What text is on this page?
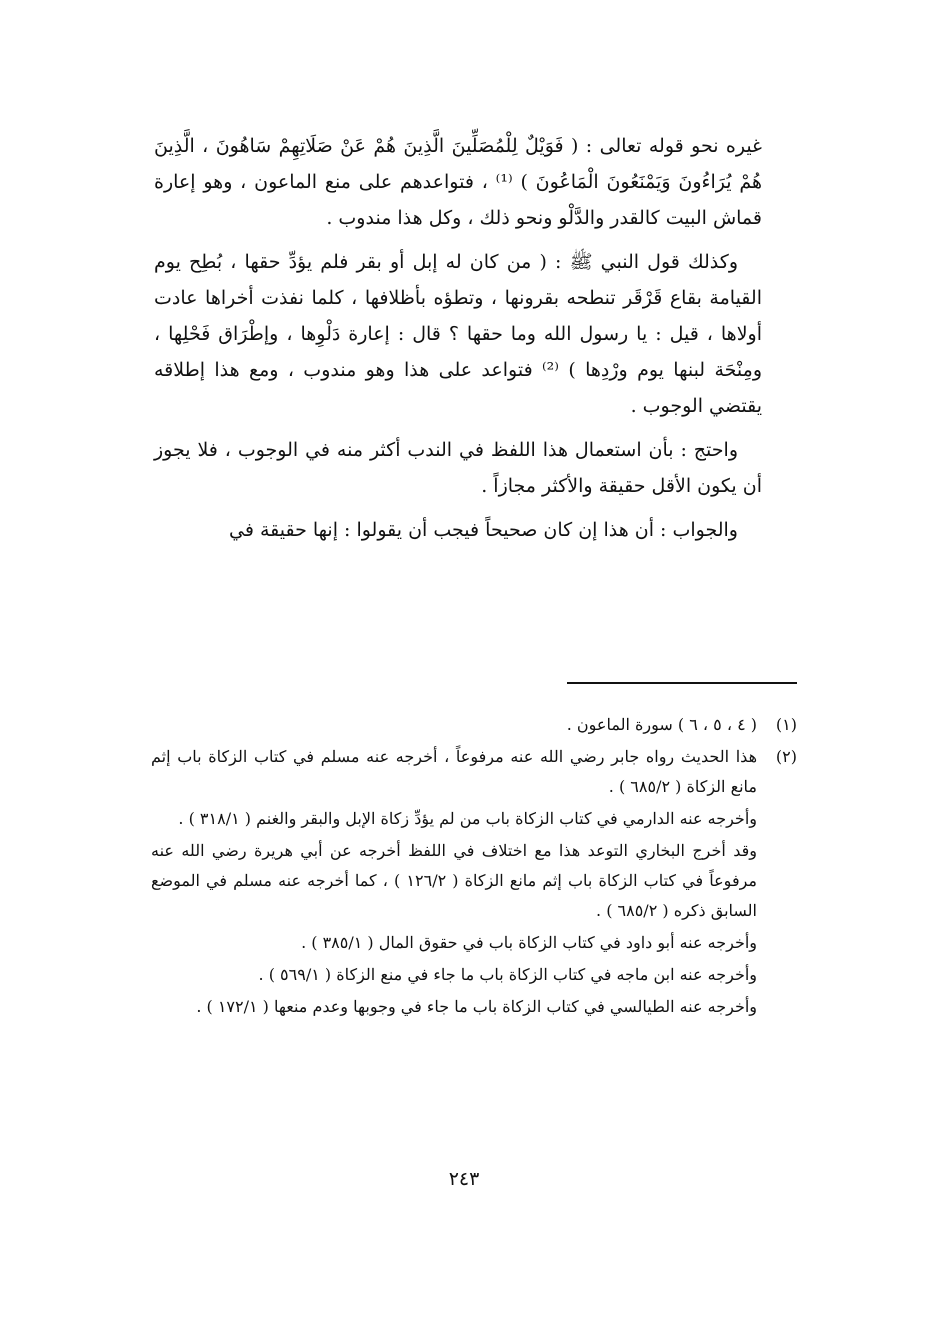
غيره نحو قوله تعالى : ( فَوَيْلٌ لِلْمُصَلِّينَ الَّذِينَ هُمْ عَنْ صَلَاتِهِمْ سَاهُونَ ، الَّذِينَ هُمْ يُرَاءُونَ وَيَمْنَعُونَ الْمَاعُونَ ) ⁽¹⁾ ، فتواعدهم على منع الماعون ، وهو إعارة قماش البيت كالقدر والدَّلْو ونحو ذلك ، وكل هذا مندوب .

وكذلك قول النبي ﷺ : ( من كان له إبل أو بقر فلم يؤدِّ حقها ، بُطِح يوم القيامة بقاع قَرْقَر تنطحه بقرونها ، وتطؤه بأظلافها ، كلما نفذت أخراها عادت أولاها ، قيل : يا رسول الله وما حقها ؟ قال : إعارة دَلْوِها ، وإطْرَاق فَحْلِها ، ومِنْحَة لبنها يوم ورْدِها ) ⁽²⁾ فتواعد على هذا وهو مندوب ، ومع هذا إطلاقه يقتضي الوجوب .

واحتج : بأن استعمال هذا اللفظ في الندب أكثر منه في الوجوب ، فلا يجوز أن يكون الأقل حقيقة والأكثر مجازاً .

والجواب : أن هذا إن كان صحيحاً فيجب أن يقولوا : إنها حقيقة في

(١)

( ٤ ، ٥ ، ٦ ) سورة الماعون .

(٢)

هذا الحديث رواه جابر رضي الله عنه مرفوعاً ، أخرجه عنه مسلم في كتاب الزكاة باب إثم مانع الزكاة ( ٦٨٥/٢ ) .

وأخرجه عنه الدارمي في كتاب الزكاة باب من لم يؤدِّ زكاة الإبل والبقر والغنم ( ٣١٨/١ ) .

وقد أخرج البخاري التوعد هذا مع اختلاف في اللفظ أخرجه عن أبي هريرة رضي الله عنه مرفوعاً في كتاب الزكاة باب إثم مانع الزكاة ( ١٢٦/٢ ) ، كما أخرجه عنه مسلم في الموضع السابق ذكره ( ٦٨٥/٢ ) .

وأخرجه عنه أبو داود في كتاب الزكاة باب في حقوق المال ( ٣٨٥/١ ) .

وأخرجه عنه ابن ماجه في كتاب الزكاة باب ما جاء في منع الزكاة ( ٥٦٩/١ ) .

وأخرجه عنه الطيالسي في كتاب الزكاة باب ما جاء في وجوبها وعدم منعها ( ١٧٢/١ ) .

٢٤٣
